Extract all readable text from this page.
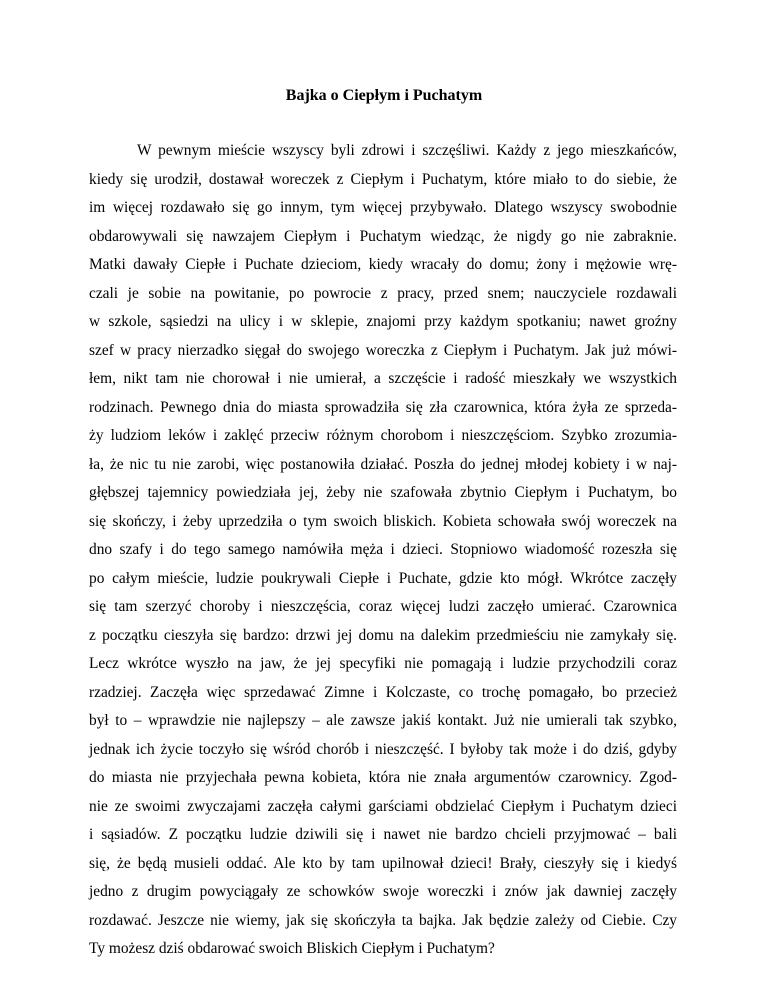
Bajka o Ciepłym i Puchatym
W pewnym mieście wszyscy byli zdrowi i szczęśliwi. Każdy z jego mieszkańców,
kiedy się urodził, dostawał woreczek z Ciepłym i Puchatym, które miało to do siebie, że
im więcej rozdawało się go innym, tym więcej przybywało. Dlatego wszyscy swobodnie
obdarowywali się nawzajem Ciepłym i Puchatym wiedząc, że nigdy go nie zabraknie.
Matki dawały Ciepłe i Puchate dzieciom, kiedy wracały do domu; żony i mężowie wrę-
czali je sobie na powitanie, po powrocie z pracy, przed snem; nauczyciele rozdawali
w szkole, sąsiedzi na ulicy i w sklepie, znajomi przy każdym spotkaniu; nawet groźny
szef w pracy nierzadko sięgał do swojego woreczka z Ciepłym i Puchatym. Jak już mówi-
łem, nikt tam nie chorował i nie umierał, a szczęście i radość mieszkały we wszystkich
rodzinach. Pewnego dnia do miasta sprowadziła się zła czarownica, która żyła ze sprzeda-
ży ludziom leków i zaklęć przeciw różnym chorobom i nieszczęściom. Szybko zrozumia-
ła, że nic tu nie zarobi, więc postanowiła działać. Poszła do jednej młodej kobiety i w naj-
głębszej tajemnicy powiedziała jej, żeby nie szafowała zbytnio Ciepłym i Puchatym, bo
się skończy, i żeby uprzedziła o tym swoich bliskich. Kobieta schowała swój woreczek na
dno szafy i do tego samego namówiła męża i dzieci. Stopniowo wiadomość rozeszła się
po całym mieście, ludzie poukrywali Ciepłe i Puchate, gdzie kto mógł. Wkrótce zaczęły
się tam szerzyć choroby i nieszczęścia, coraz więcej ludzi zaczęło umierać. Czarownica
z początku cieszyła się bardzo: drzwi jej domu na dalekim przedmieściu nie zamykały się.
Lecz wkrótce wyszło na jaw, że jej specyfiki nie pomagają i ludzie przychodzili coraz
rzadziej. Zaczęła więc sprzedawać Zimne i Kolczaste, co trochę pomagało, bo przecież
był to – wprawdzie nie najlepszy – ale zawsze jakiś kontakt. Już nie umierali tak szybko,
jednak ich życie toczyło się wśród chorób i nieszczęść. I byłoby tak może i do dziś, gdyby
do miasta nie przyjechała pewna kobieta, która nie znała argumentów czarownicy. Zgod-
nie ze swoimi zwyczajami zaczęła całymi garściami obdzielać Ciepłym i Puchatym dzieci
i sąsiadów. Z początku ludzie dziwili się i nawet nie bardzo chcieli przyjmować – bali
się, że będą musieli oddać. Ale kto by tam upilnował dzieci! Brały, cieszyły się i kiedyś
jedno z drugim powyciągały ze schowków swoje woreczki i znów jak dawniej zaczęły
rozdawać. Jeszcze nie wiemy, jak się skończyła ta bajka. Jak będzie zależy od Ciebie. Czy
Ty możesz dziś obdarować swoich Bliskich Ciepłym i Puchatym?
